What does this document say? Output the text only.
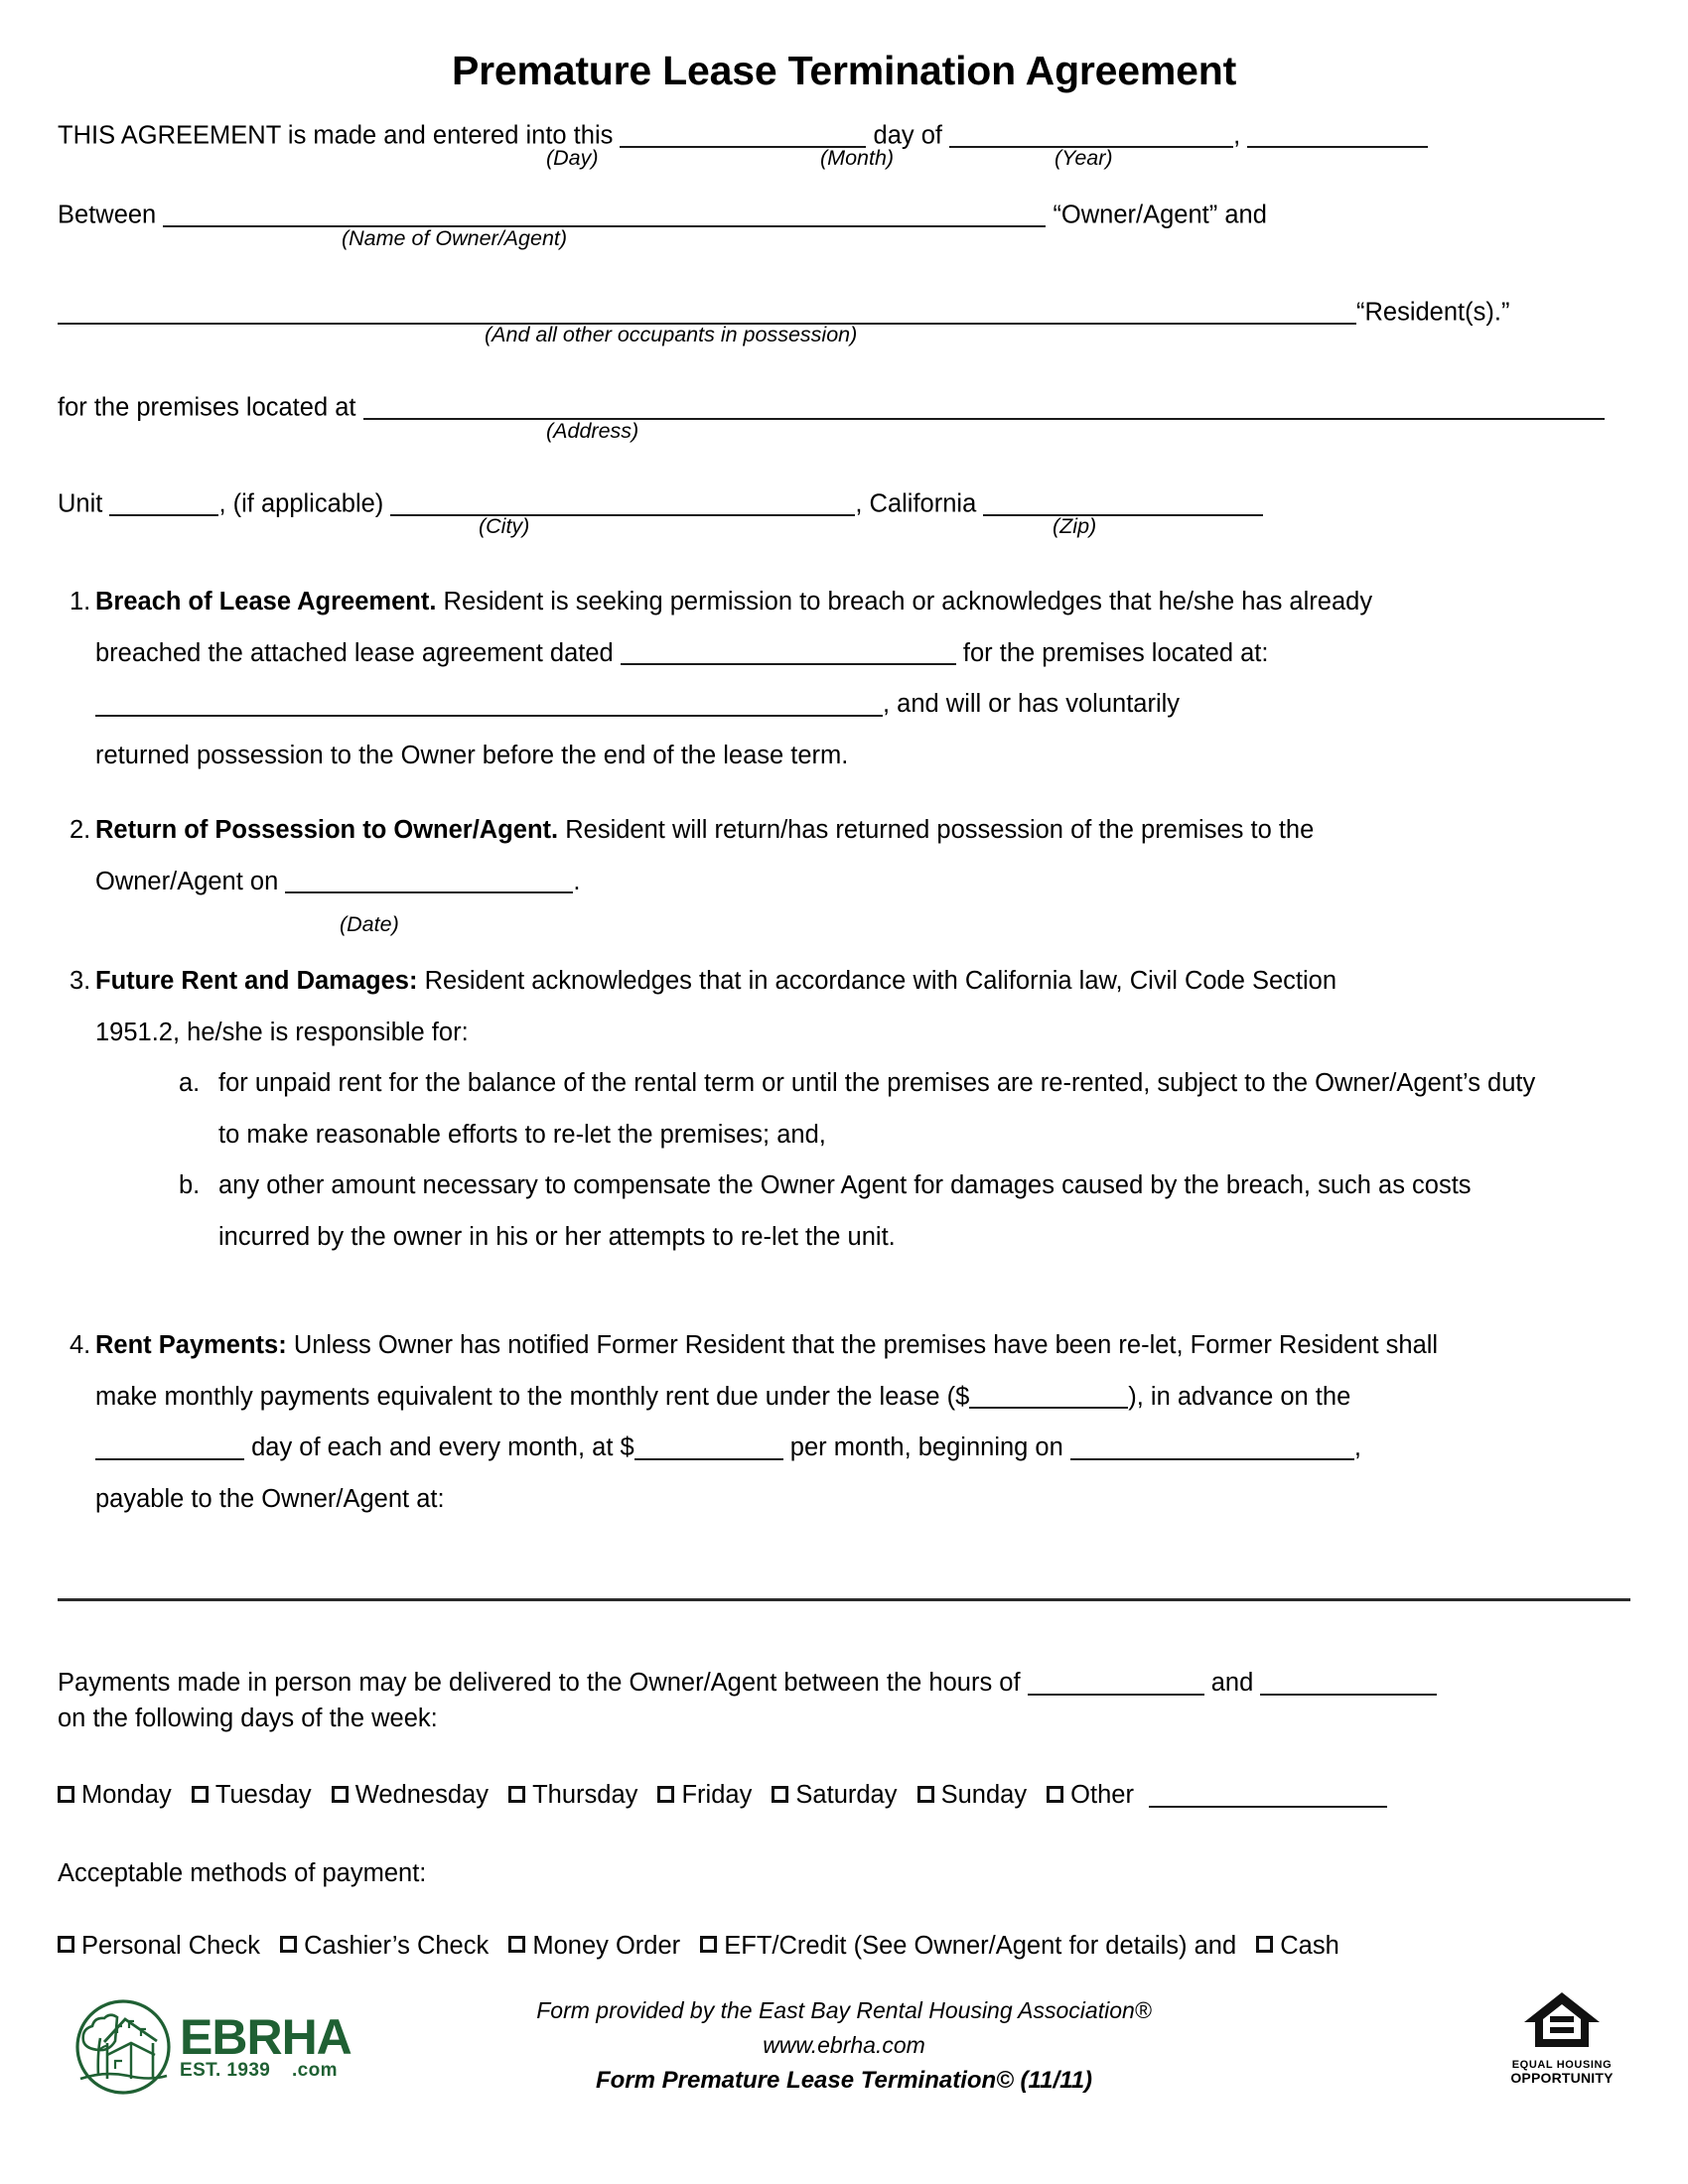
Premature Lease Termination Agreement
THIS AGREEMENT is made and entered into this	day of	,
(Day)	(Month)	(Year)
Between	“Owner/Agent” and
(Name of Owner/Agent)
“Resident(s).”
(And all other occupants in possession)
for the premises located at
(Address)
Unit	, (if applicable)	, California
(City)	(Zip)
1. Breach of Lease Agreement. Resident is seeking permission to breach or acknowledges that he/she has already
breached the attached lease agreement dated	for the premises located at:
, and will or has voluntarily
returned possession to the Owner before the end of the lease term.
2. Return of Possession to Owner/Agent. Resident will return/has returned possession of the premises to the
Owner/Agent on	.
(Date)
3. Future Rent and Damages: Resident acknowledges that in accordance with California law, Civil Code Section
1951.2, he/she is responsible for:
a. for unpaid rent for the balance of the rental term or until the premises are re-rented, subject to the Owner/Agent’s duty to make reasonable efforts to re-let the premises; and,
b. any other amount necessary to compensate the Owner Agent for damages caused by the breach, such as costs incurred by the owner in his or her attempts to re-let the unit.
4. Rent Payments: Unless Owner has notified Former Resident that the premises have been re-let, Former Resident shall
make monthly payments equivalent to the monthly rent due under the lease ($	), in advance on the
day of each and every month, at $	per month, beginning on	,
payable to the Owner/Agent at:
Payments made in person may be delivered to the Owner/Agent between the hours of	and
on the following days of the week:
Monday Tuesday Wednesday Thursday Friday Saturday Sunday Other
Acceptable methods of payment:
Personal Check Cashier’s Check Money Order EFT/Credit (See Owner/Agent for details) and Cash
EBRHA
EST. 1939 .com
Form provided by the East Bay Rental Housing Association®
www.ebrha.com
Form Premature Lease Termination© (11/11)
EQUAL HOUSING
OPPORTUNITY
